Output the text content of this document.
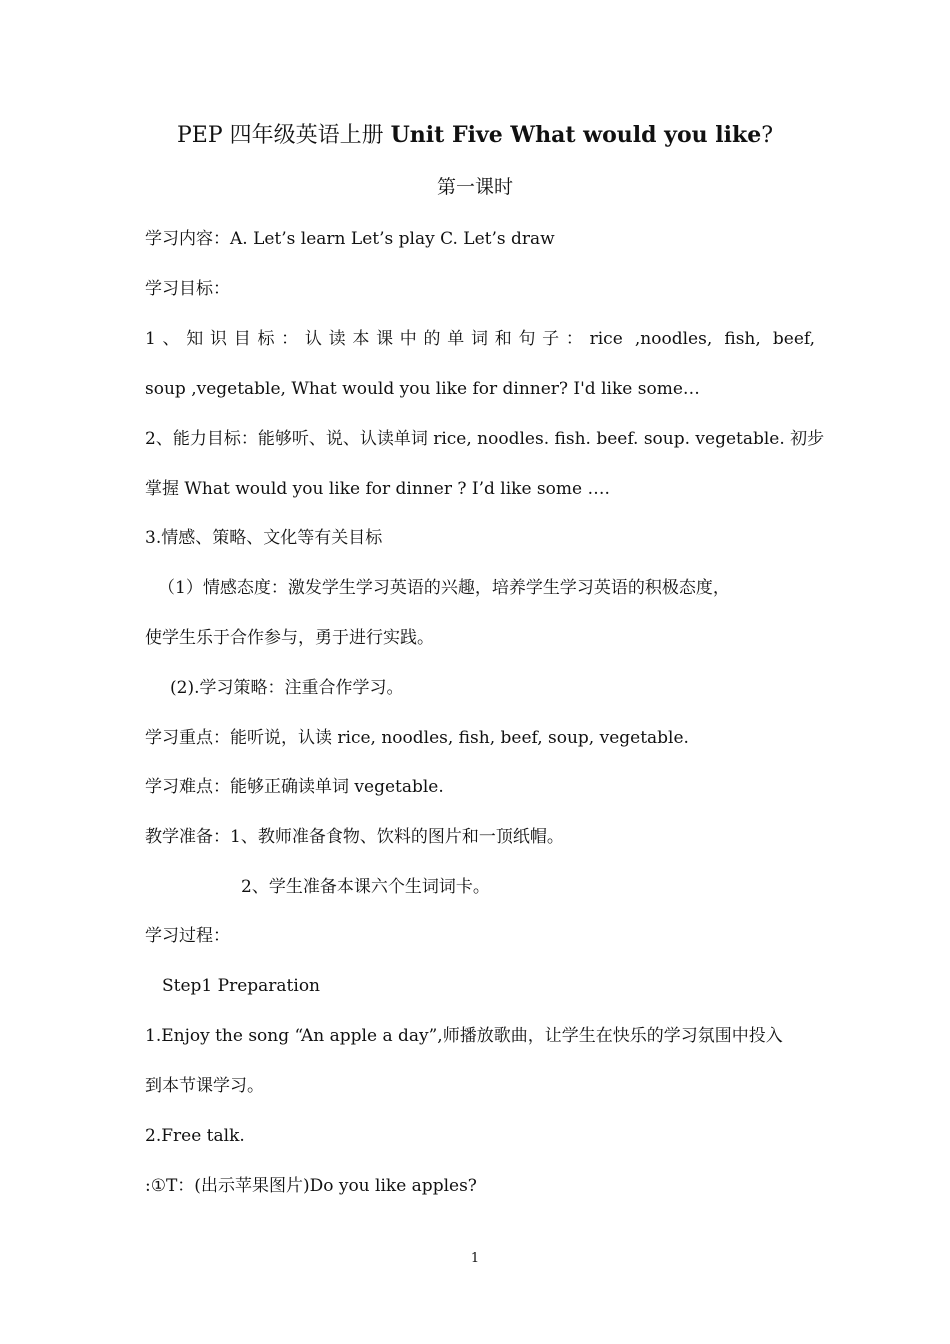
PEP 四年级英语上册 Unit Five What would you like?
第一课时
学习内容：A. Let’s learn Let’s play C. Let’s draw
学习目标：
1、知识目标：认读本课中的单词和句子：rice ,noodles, fish, beef,
soup ,vegetable, What would you like for dinner? I'd like some…
2、能力目标：能够听、说、认读单词 rice, noodles. fish. beef. soup. vegetable. 初步
掌握 What would you like for dinner ? I’d like some ….
3.情感、策略、文化等有关目标
（1）情感态度：激发学生学习英语的兴趣，培养学生学习英语的积极态度，
使学生乐于合作参与，勇于进行实践。
(2).学习策略：注重合作学习。
学习重点：能听说，认读 rice, noodles, fish, beef, soup, vegetable.
学习难点：能够正确读单词 vegetable.
教学准备：1、教师准备食物、饮料的图片和一顶纸帽。
2、学生准备本课六个生词词卡。
学习过程：
Step1 Preparation
1.Enjoy the song “An apple a day”,师播放歌曲，让学生在快乐的学习氛围中投入
到本节课学习。
2.Free talk.
:①T：(出示苹果图片)Do you like apples?
1
